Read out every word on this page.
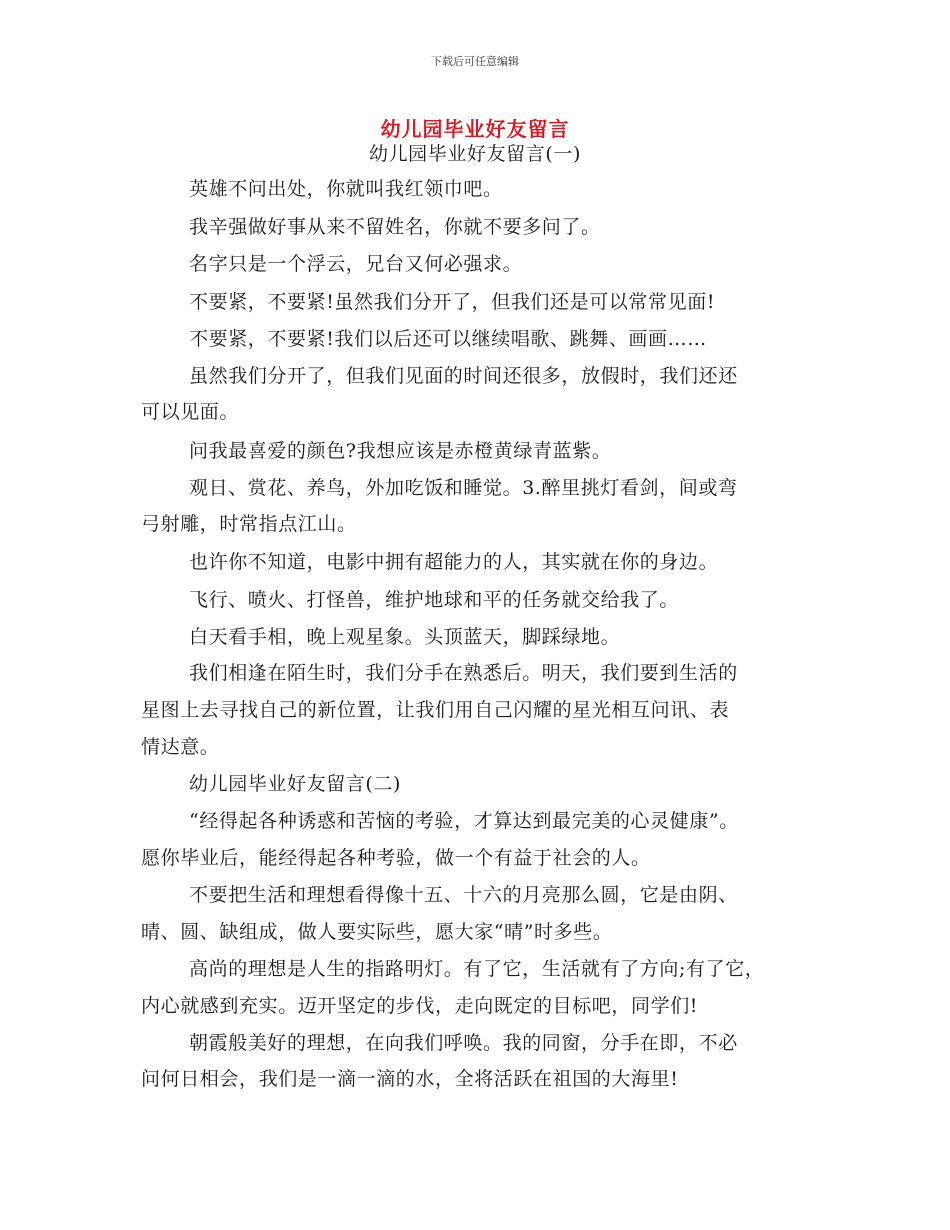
下载后可任意编辑
幼儿园毕业好友留言
幼儿园毕业好友留言(一)
英雄不问出处，你就叫我红领巾吧。
我辛强做好事从来不留姓名，你就不要多问了。
名字只是一个浮云，兄台又何必强求。
不要紧，不要紧!虽然我们分开了，但我们还是可以常常见面!
不要紧，不要紧!我们以后还可以继续唱歌、跳舞、画画……
虽然我们分开了，但我们见面的时间还很多，放假时，我们还还
可以见面。
问我最喜爱的颜色?我想应该是赤橙黄绿青蓝紫。
观日、赏花、养鸟，外加吃饭和睡觉。3.醉里挑灯看剑，间或弯
弓射雕，时常指点江山。
也许你不知道，电影中拥有超能力的人，其实就在你的身边。
飞行、喷火、打怪兽，维护地球和平的任务就交给我了。
白天看手相，晚上观星象。头顶蓝天，脚踩绿地。
我们相逢在陌生时，我们分手在熟悉后。明天，我们要到生活的
星图上去寻找自己的新位置，让我们用自己闪耀的星光相互问讯、表
情达意。
幼儿园毕业好友留言(二)
“经得起各种诱惑和苦恼的考验，才算达到最完美的心灵健康”。
愿你毕业后，能经得起各种考验，做一个有益于社会的人。
不要把生活和理想看得像十五、十六的月亮那么圆，它是由阴、
晴、圆、缺组成，做人要实际些，愿大家“晴”时多些。
高尚的理想是人生的指路明灯。有了它，生活就有了方向;有了它，
内心就感到充实。迈开坚定的步伐，走向既定的目标吧，同学们!
朝霞般美好的理想，在向我们呼唤。我的同窗，分手在即，不必
问何日相会，我们是一滴一滴的水，全将活跃在祖国的大海里!
